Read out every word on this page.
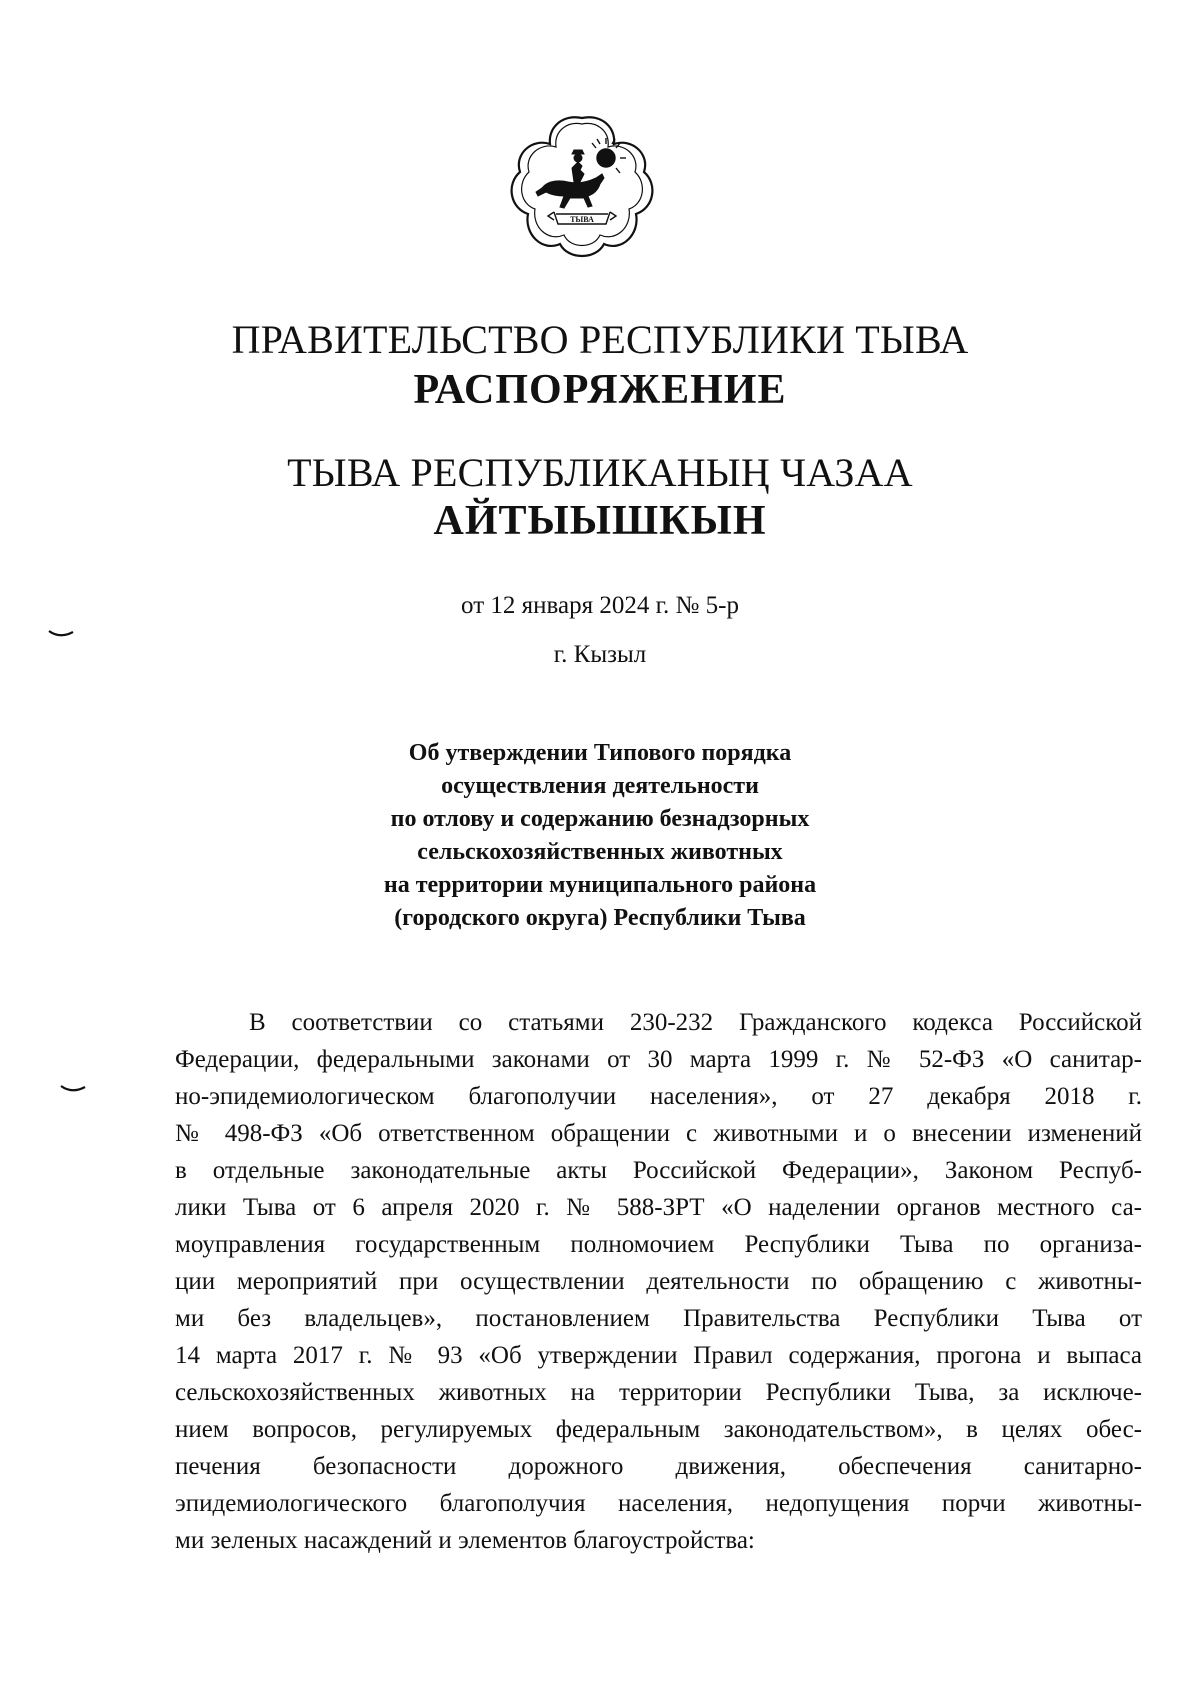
ТЫВА
ПРАВИТЕЛЬСТВО РЕСПУБЛИКИ ТЫВА
РАСПОРЯЖЕНИЕ
ТЫВА РЕСПУБЛИКАНЫҢ ЧАЗАА
АЙТЫЫШКЫН
от 12 января 2024 г. № 5-р
г. Кызыл
Об утверждении Типового порядка
осуществления деятельности
по отлову и содержанию безнадзорных
сельскохозяйственных животных
на территории муниципального района
(городского округа) Республики Тыва
В соответствии со статьями 230-232 Гражданского кодекса Российской
Федерации, федеральными законами от 30 марта 1999 г. № 52-ФЗ «О санитар-
но-эпидемиологическом благополучии населения», от 27 декабря 2018 г.
№ 498-ФЗ «Об ответственном обращении с животными и о внесении изменений
в отдельные законодательные акты Российской Федерации», Законом Респуб-
лики Тыва от 6 апреля 2020 г. № 588-ЗРТ «О наделении органов местного са-
моуправления государственным полномочием Республики Тыва по организа-
ции мероприятий при осуществлении деятельности по обращению с животны-
ми без владельцев», постановлением Правительства Республики Тыва от
14 марта 2017 г. № 93 «Об утверждении Правил содержания, прогона и выпаса
сельскохозяйственных животных на территории Республики Тыва, за исключе-
нием вопросов, регулируемых федеральным законодательством», в целях обес-
печения безопасности дорожного движения, обеспечения санитарно-
эпидемиологического благополучия населения, недопущения порчи животны-
ми зеленых насаждений и элементов благоустройства:
